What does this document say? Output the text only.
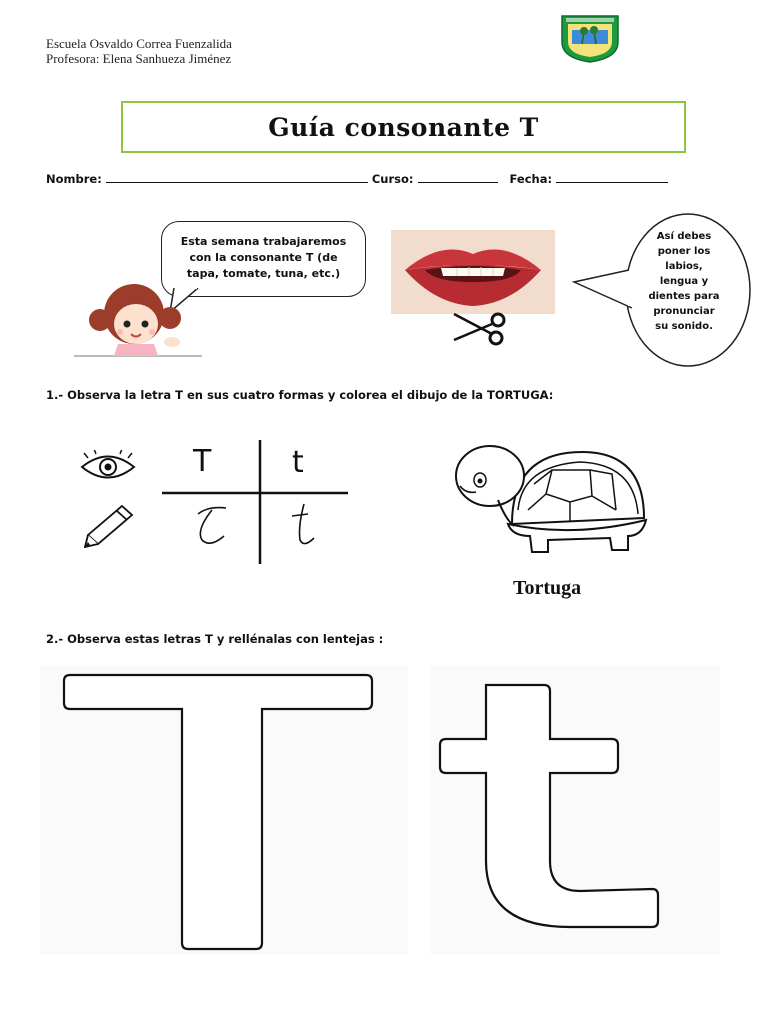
Escuela Osvaldo Correa Fuenzalida
Profesora: Elena Sanhueza Jiménez
Guía consonante T
Nombre:	Curso:	Fecha:

Esta semana trabajaremos con la consonante T (de tapa, tomate, tuna, etc.)

Así debes
poner los
labios,
lengua y
dientes para
pronunciar
su sonido.
1.- Observa la letra T en sus cuatro formas y colorea el dibujo de la TORTUGA:
T	t
Tortuga
2.- Observa estas letras T y rellénalas con lentejas :
